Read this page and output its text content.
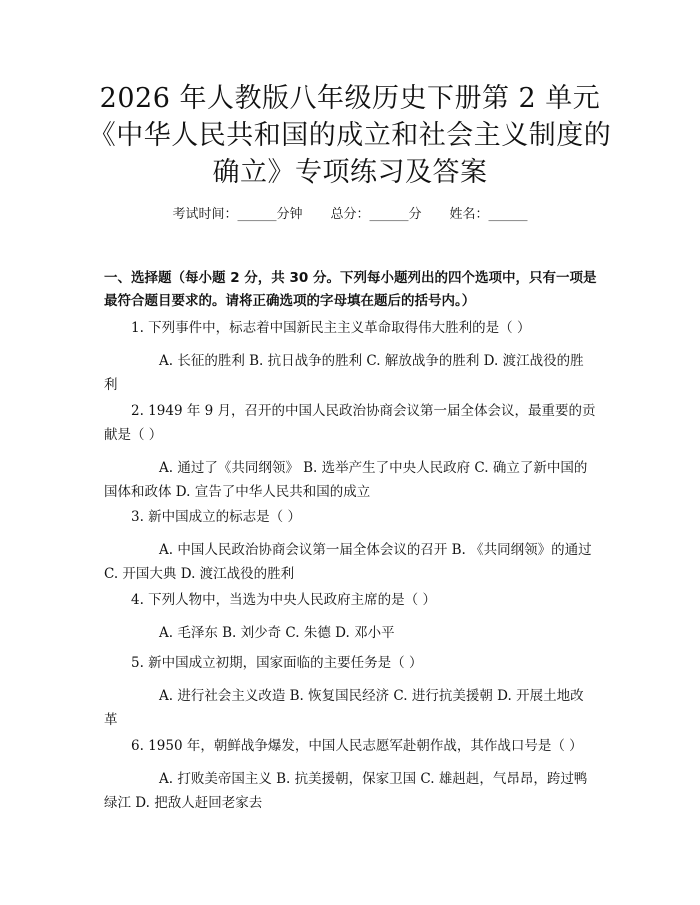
2026 年人教版八年级历史下册第 2 单元《中华人民共和国的成立和社会主义制度的确立》专项练习及答案
考试时间：______分钟 总分：______分 姓名：______
一、选择题（每小题 2 分，共 30 分。下列每小题列出的四个选项中，只有一项是最符合题目要求的。请将正确选项的字母填在题后的括号内。）
1. 下列事件中，标志着中国新民主主义革命取得伟大胜利的是（ ）
A. 长征的胜利 B. 抗日战争的胜利 C. 解放战争的胜利 D. 渡江战役的胜利
2. 1949 年 9 月，召开的中国人民政治协商会议第一届全体会议，最重要的贡献是（ ）
A. 通过了《共同纲领》 B. 选举产生了中央人民政府 C. 确立了新中国的国体和政体 D. 宣告了中华人民共和国的成立
3. 新中国成立的标志是（ ）
A. 中国人民政治协商会议第一届全体会议的召开 B. 《共同纲领》的通过 C. 开国大典 D. 渡江战役的胜利
4. 下列人物中，当选为中央人民政府主席的是（ ）
A. 毛泽东 B. 刘少奇 C. 朱德 D. 邓小平
5. 新中国成立初期，国家面临的主要任务是（ ）
A. 进行社会主义改造 B. 恢复国民经济 C. 进行抗美援朝 D. 开展土地改革
6. 1950 年，朝鲜战争爆发，中国人民志愿军赴朝作战，其作战口号是（ ）
A. 打败美帝国主义 B. 抗美援朝，保家卫国 C. 雄赳赳，气昂昂，跨过鸭绿江 D. 把敌人赶回老家去
